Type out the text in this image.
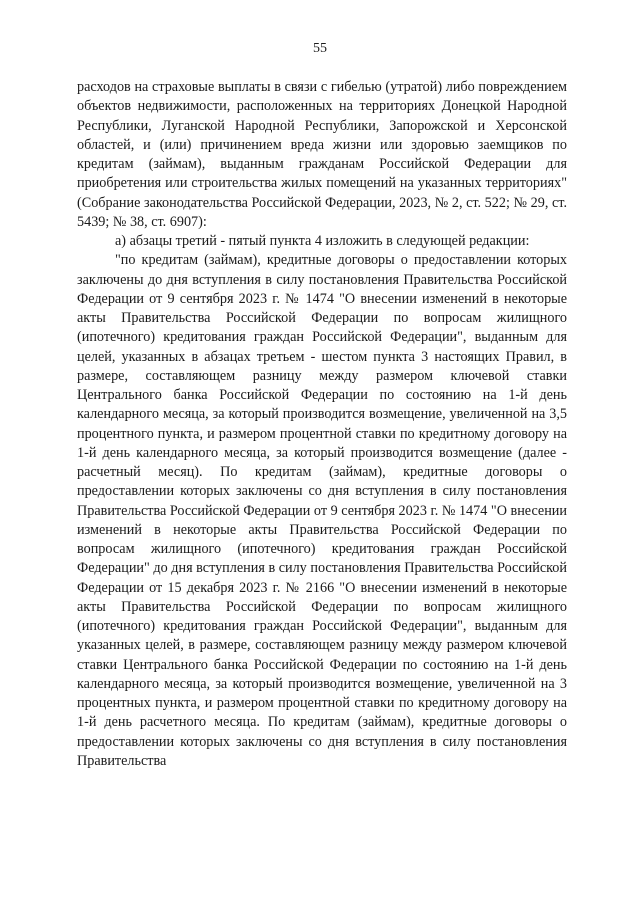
55

расходов на страховые выплаты в связи с гибелью (утратой) либо повреждением объектов недвижимости, расположенных на территориях Донецкой Народной Республики, Луганской Народной Республики, Запорожской и Херсонской областей, и (или) причинением вреда жизни или здоровью заемщиков по кредитам (займам), выданным гражданам Российской Федерации для приобретения или строительства жилых помещений на указанных территориях" (Собрание законодательства Российской Федерации, 2023, № 2, ст. 522; № 29, ст. 5439; № 38, ст. 6907):

а) абзацы третий - пятый пункта 4 изложить в следующей редакции:

"по кредитам (займам), кредитные договоры о предоставлении которых заключены до дня вступления в силу постановления Правительства Российской Федерации от 9 сентября 2023 г. № 1474 "О внесении изменений в некоторые акты Правительства Российской Федерации по вопросам жилищного (ипотечного) кредитования граждан Российской Федерации", выданным для целей, указанных в абзацах третьем - шестом пункта 3 настоящих Правил, в размере, составляющем разницу между размером ключевой ставки Центрального банка Российской Федерации по состоянию на 1-й день календарного месяца, за который производится возмещение, увеличенной на 3,5 процентного пункта, и размером процентной ставки по кредитному договору на 1-й день календарного месяца, за который производится возмещение (далее - расчетный месяц). По кредитам (займам), кредитные договоры о предоставлении которых заключены со дня вступления в силу постановления Правительства Российской Федерации от 9 сентября 2023 г. № 1474 "О внесении изменений в некоторые акты Правительства Российской Федерации по вопросам жилищного (ипотечного) кредитования граждан Российской Федерации" до дня вступления в силу постановления Правительства Российской Федерации от 15 декабря 2023 г. № 2166 "О внесении изменений в некоторые акты Правительства Российской Федерации по вопросам жилищного (ипотечного) кредитования граждан Российской Федерации", выданным для указанных целей, в размере, составляющем разницу между размером ключевой ставки Центрального банка Российской Федерации по состоянию на 1-й день календарного месяца, за который производится возмещение, увеличенной на 3 процентных пункта, и размером процентной ставки по кредитному договору на 1-й день расчетного месяца. По кредитам (займам), кредитные договоры о предоставлении которых заключены со дня вступления в силу постановления Правительства
